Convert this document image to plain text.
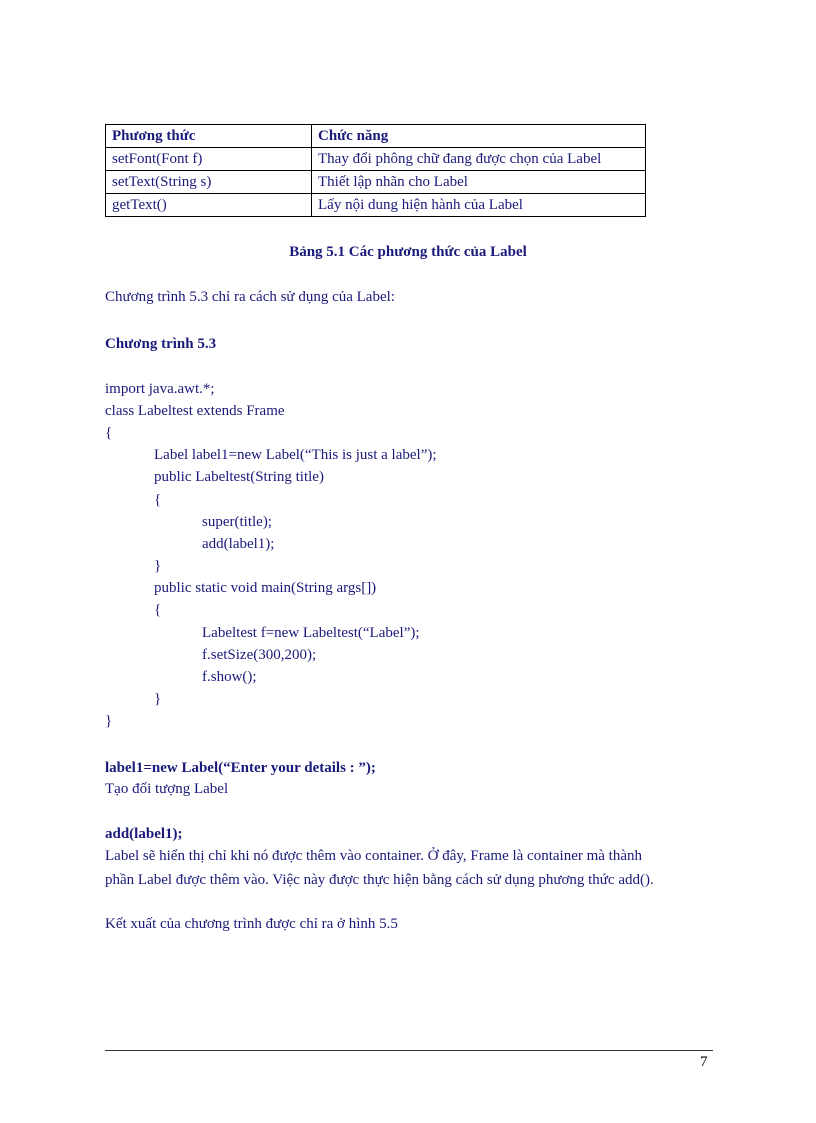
Phương thức	Chức năng
setFont(Font f)	Thay đổi phông chữ đang được chọn của Label
setText(String s)	Thiết lập nhãn cho Label
getText()	Lấy nội dung hiện hành của Label
Bảng 5.1 Các phương thức của Label
Chương trình 5.3 chỉ ra cách sử dụng của Label:
Chương trình 5.3
import java.awt.*;
class Labeltest extends Frame
{
Label label1=new Label(“This is just a label”);
public Labeltest(String title)
{
super(title);
add(label1);
}
public static void main(String args[])
{
Labeltest f=new Labeltest(“Label”);
f.setSize(300,200);
f.show();
}
}
label1=new Label(“Enter your details : ”);
Tạo đối tượng Label
add(label1);
Label sẽ hiển thị chỉ khi nó được thêm vào container. Ở đây, Frame là container mà thành
phần Label được thêm vào. Việc này được thực hiện bằng cách sử dụng phương thức add().
Kết xuất của chương trình được chỉ ra ở hình 5.5
7
